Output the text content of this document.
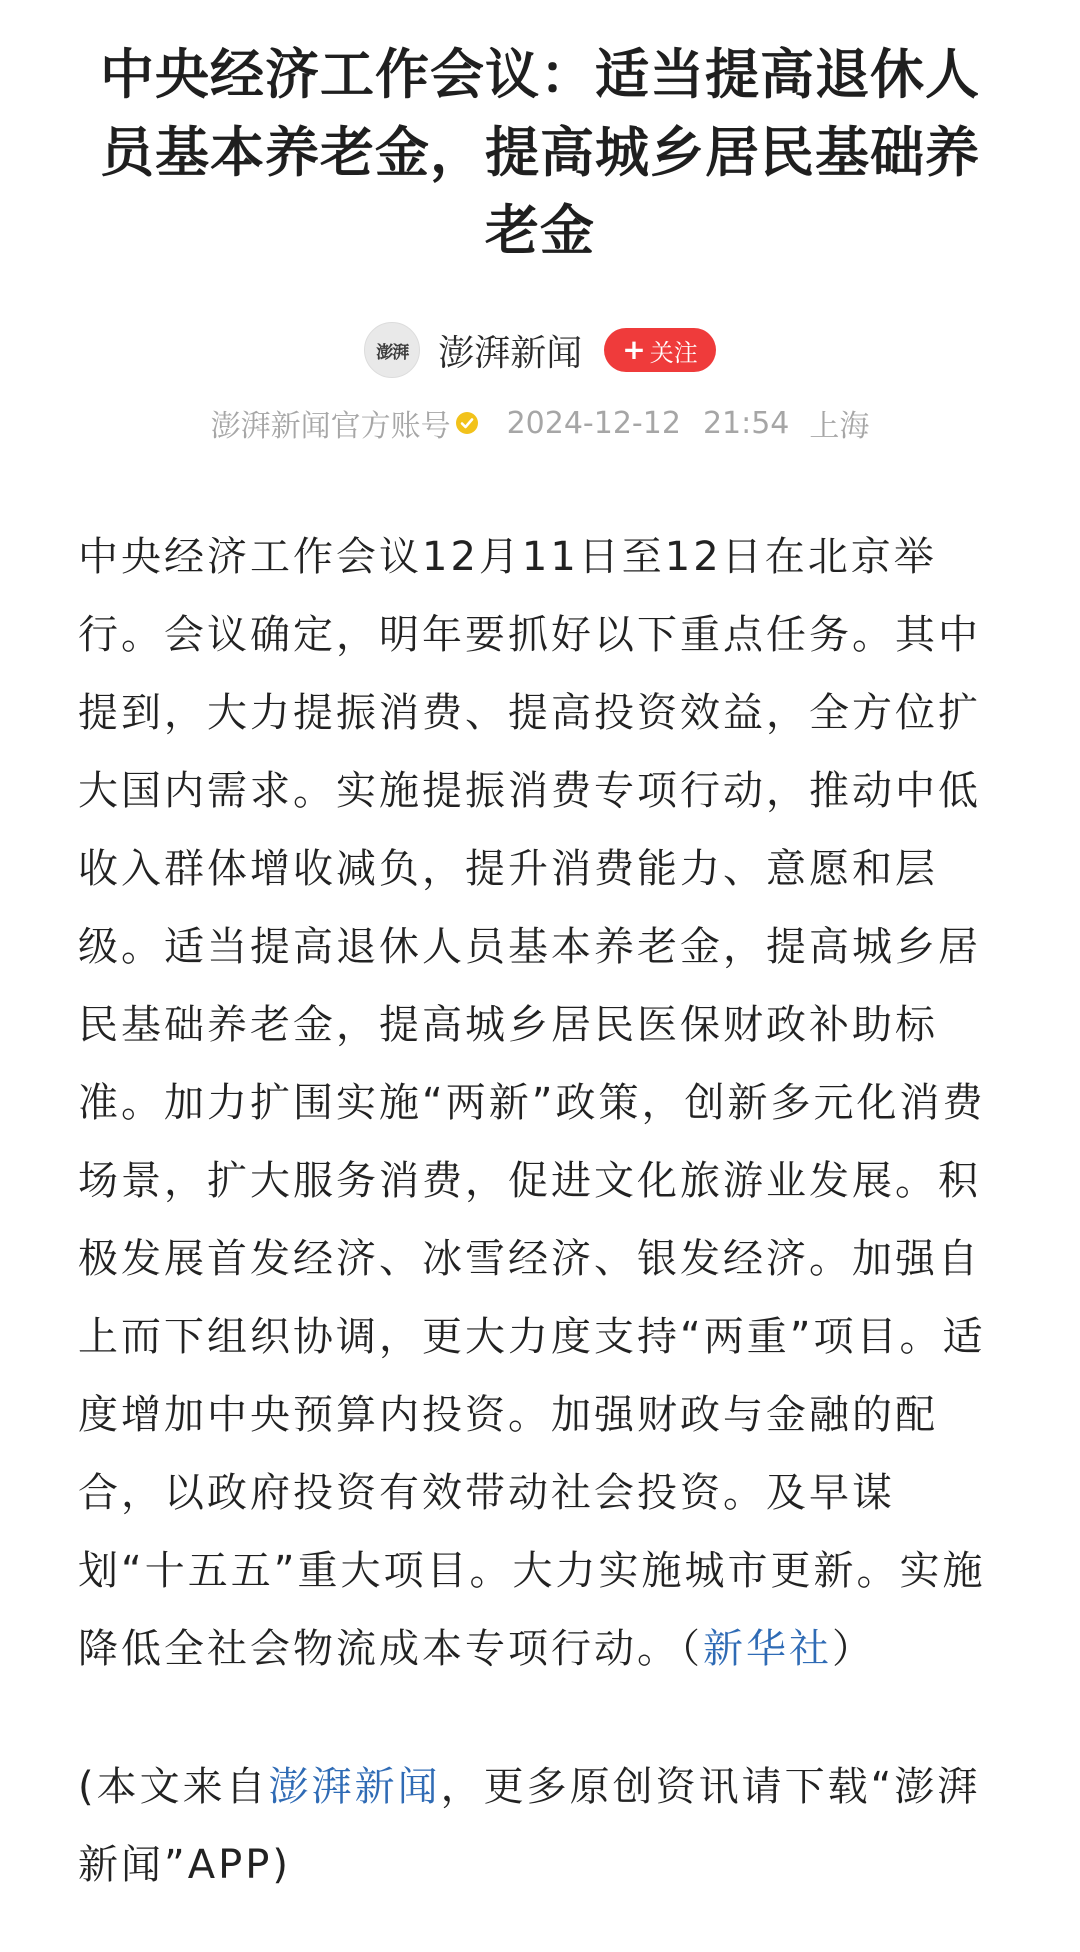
中央经济工作会议：适当提高退休人员基本养老金，提高城乡居民基础养老金
澎湃 澎湃新闻 + 关注
澎湃新闻官方账号 2024-12-12 21:54 上海

中央经济工作会议12月11日至12日在北京举行。会议确定，明年要抓好以下重点任务。其中提到，大力提振消费、提高投资效益，全方位扩大国内需求。实施提振消费专项行动，推动中低收入群体增收减负，提升消费能力、意愿和层级。适当提高退休人员基本养老金，提高城乡居民基础养老金，提高城乡居民医保财政补助标准。加力扩围实施“两新”政策，创新多元化消费场景，扩大服务消费，促进文化旅游业发展。积极发展首发经济、冰雪经济、银发经济。加强自上而下组织协调，更大力度支持“两重”项目。适度增加中央预算内投资。加强财政与金融的配合，以政府投资有效带动社会投资。及早谋划“十五五”重大项目。大力实施城市更新。实施降低全社会物流成本专项行动。（新华社）

(本文来自澎湃新闻，更多原创资讯请下载“澎湃新闻”APP)
